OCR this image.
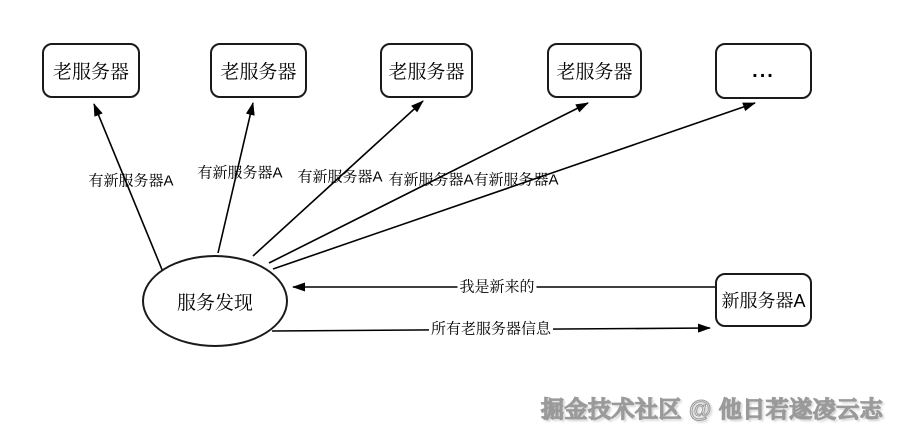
老服务器	老服务器	老服务器	老服务器	...
服务发现	新服务器A
有新服务器A 有新服务器A 有新服务器A 有新服务器A 有新服务器A
我是新来的
所有老服务器信息
掘金技术社区 @ 他日若遂凌云志
